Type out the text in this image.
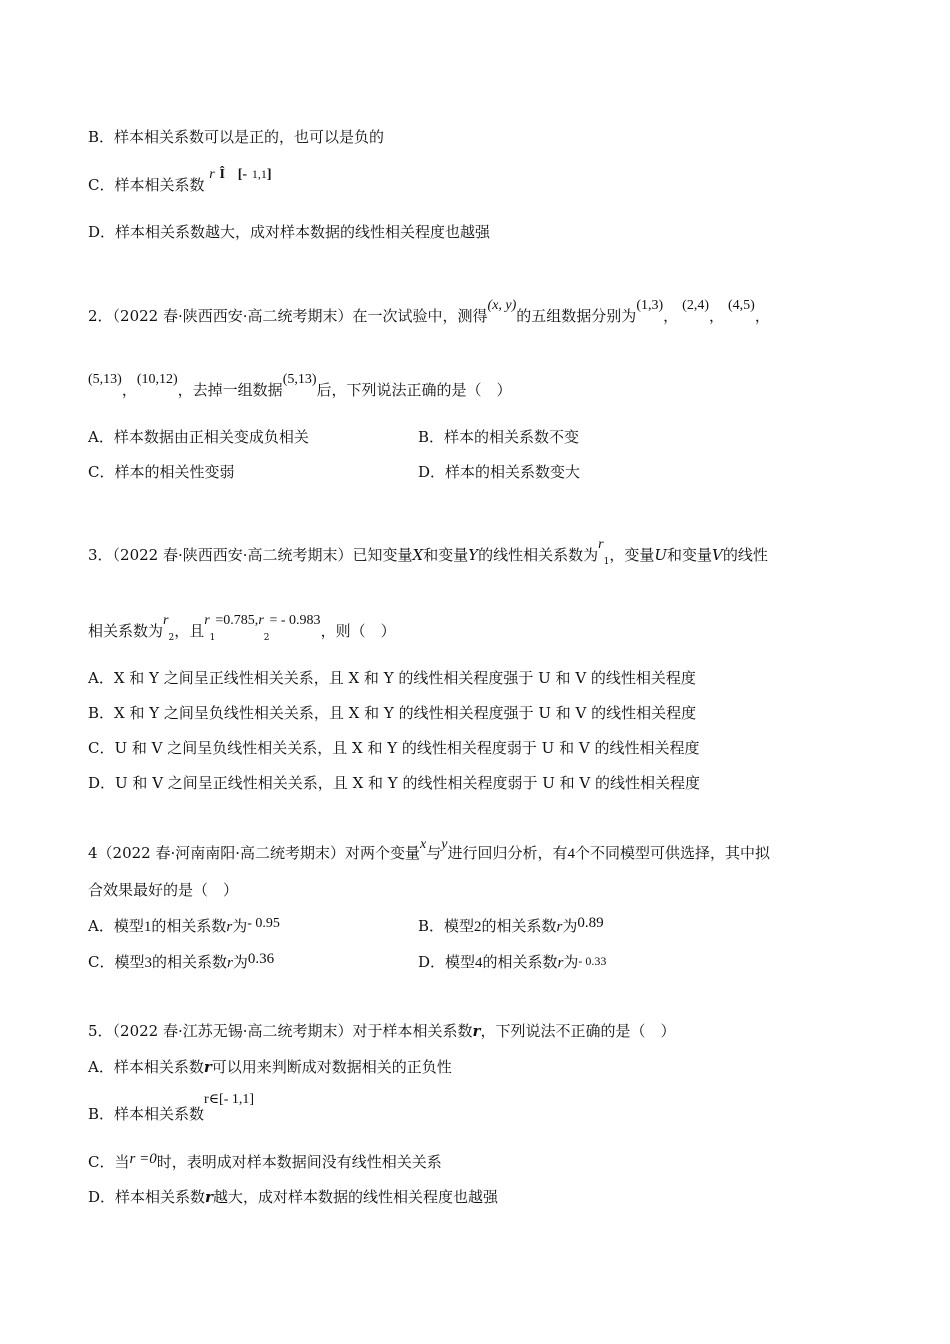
B．样本相关系数可以是正的，也可以是负的
C．样本相关系数 r Î [- $^{1,1}$]
D．样本相关系数越大，成对样本数据的线性相关程度也越强
2．（2022 春·陕西西安·高二统考期末）在一次试验中，测得(x, y)的五组数据分别为(1,3)，(2,4)，(4,5)，
(5,13)，(10,12)，去掉一组数据(5,13)后，下列说法正确的是（　）
A．样本数据由正相关变成负相关	B．样本的相关系数不变
C．样本的相关性变弱	D．样本的相关系数变大
3．（2022 春·陕西西安·高二统考期末）已知变量X和变量Y的线性相关系数为$r_1$，变量U和变量V的线性
相关系数为$r_2$，且$r_1=0.785,r_2= - 0.983$，则（　）
A．X 和 Y 之间呈正线性相关关系，且 X 和 Y 的线性相关程度强于 U 和 V 的线性相关程度
B．X 和 Y 之间呈负线性相关关系，且 X 和 Y 的线性相关程度强于 U 和 V 的线性相关程度
C．U 和 V 之间呈负线性相关关系，且 X 和 Y 的线性相关程度弱于 U 和 V 的线性相关程度
D．U 和 V 之间呈正线性相关关系，且 X 和 Y 的线性相关程度弱于 U 和 V 的线性相关程度
4（2022 春·河南南阳·高二统考期末）对两个变量x与y进行回归分析，有4个不同模型可供选择，其中拟
合效果最好的是（　）
A．模型1的相关系数r为- 0.95	B．模型2的相关系数r为0.89
C．模型3的相关系数r为0.36	D．模型4的相关系数r为- 0.33
5．（2022 春·江苏无锡·高二统考期末）对于样本相关系数r，下列说法不正确的是（　）
A．样本相关系数r可以用来判断成对数据相关的正负性
B．样本相关系数r∈[- 1,1]
C．当r =0时，表明成对样本数据间没有线性相关关系
D．样本相关系数r越大，成对样本数据的线性相关程度也越强
